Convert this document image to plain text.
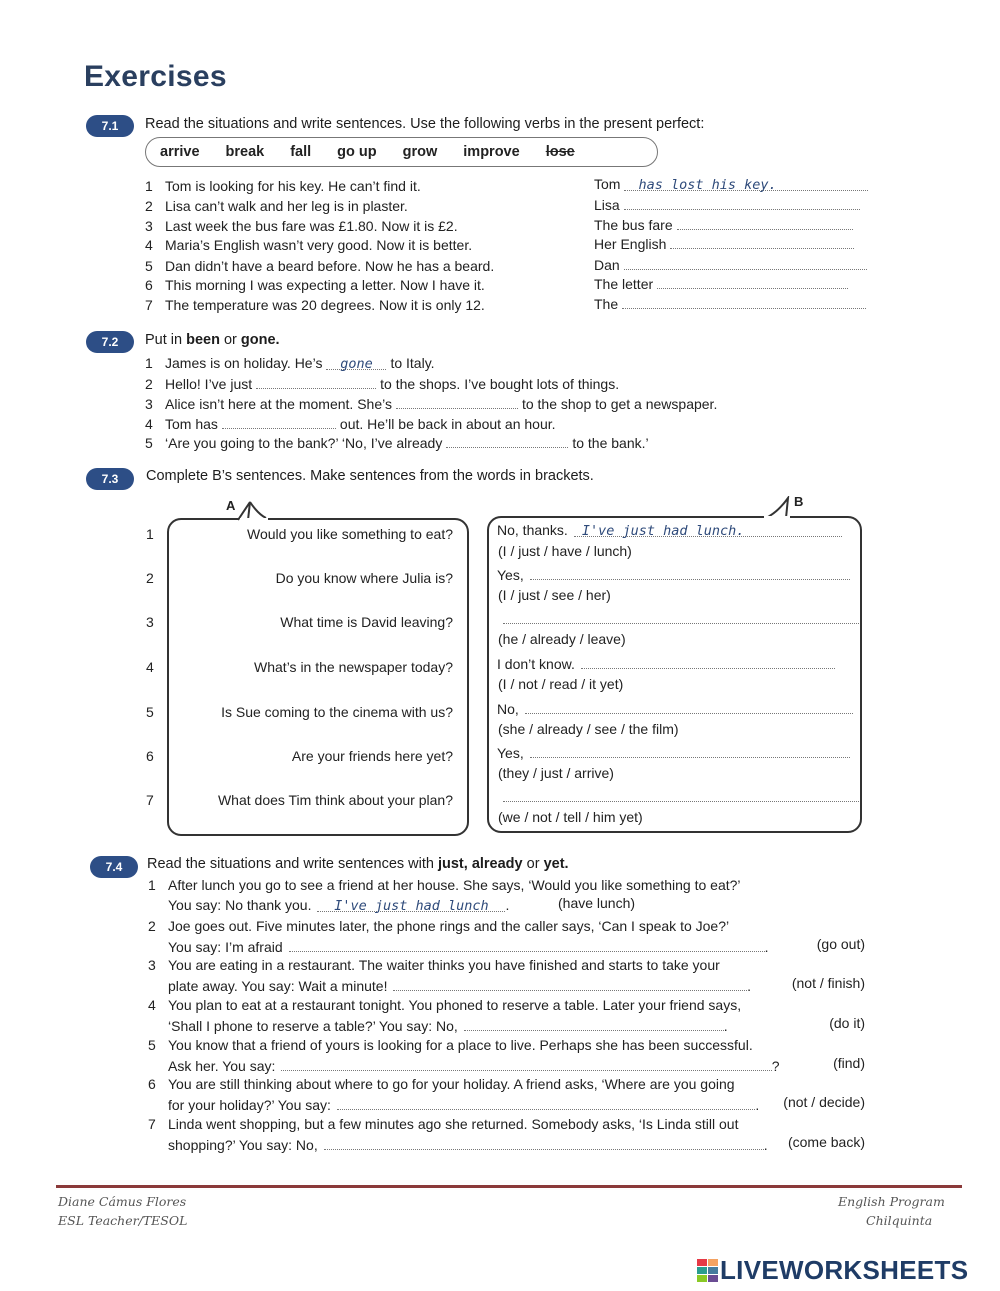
Exercises
7.1	Read the situations and write sentences. Use the following verbs in the present perfect:
arrive break fall go up grow improve lose
1 Tom is looking for his key. He can’t find it.	Tom has lost his key.
2 Lisa can’t walk and her leg is in plaster.	Lisa
3 Last week the bus fare was £1.80. Now it is £2.	The bus fare
4 Maria’s English wasn’t very good. Now it is better.	Her English
5 Dan didn’t have a beard before. Now he has a beard.	Dan
6 This morning I was expecting a letter. Now I have it.	The letter
7 The temperature was 20 degrees. Now it is only 12.	The
7.2	Put in been or gone.
1 James is on holiday. He’s gone to Italy.
2 Hello! I’ve just	to the shops. I’ve bought lots of things.
3 Alice isn’t here at the moment. She’s	to the shop to get a newspaper.
4 Tom has	out. He’ll be back in about an hour.
5 ‘Are you going to the bank?’ ‘No, I’ve already	to the bank.’
7.3	Complete B’s sentences. Make sentences from the words in brackets.
A	B
1	Would you like something to eat?	No, thanks. I've just had lunch.
(I / just / have / lunch)
2	Do you know where Julia is?	Yes,
(I / just / see / her)
3	What time is David leaving?
(he / already / leave)
4	What’s in the newspaper today?	I don’t know.
(I / not / read / it yet)
5	Is Sue coming to the cinema with us?	No,
(she / already / see / the film)
6	Are your friends here yet?	Yes,
(they / just / arrive)
7	What does Tim think about your plan?
(we / not / tell / him yet)
7.4	Read the situations and write sentences with just, already or yet.
1 After lunch you go to see a friend at her house. She says, ‘Would you like something to eat?’
You say: No thank you. I've just had lunch .	(have lunch)
2 Joe goes out. Five minutes later, the phone rings and the caller says, ‘Can I speak to Joe?’
You say: I’m afraid	.	(go out)
3 You are eating in a restaurant. The waiter thinks you have finished and starts to take your
plate away. You say: Wait a minute!	.	(not / finish)
4 You plan to eat at a restaurant tonight. You phoned to reserve a table. Later your friend says,
‘Shall I phone to reserve a table?’ You say: No,	.	(do it)
5 You know that a friend of yours is looking for a place to live. Perhaps she has been successful.
Ask her. You say:	?	(find)
6 You are still thinking about where to go for your holiday. A friend asks, ‘Where are you going
for your holiday?’ You say:	. (not / decide)
7 Linda went shopping, but a few minutes ago she returned. Somebody asks, ‘Is Linda still out
shopping?’ You say: No,	. (come back)
Diane Cámus Flores
ESL Teacher/TESOL
English Program
Chilquinta
LIVEWORKSHEETS
